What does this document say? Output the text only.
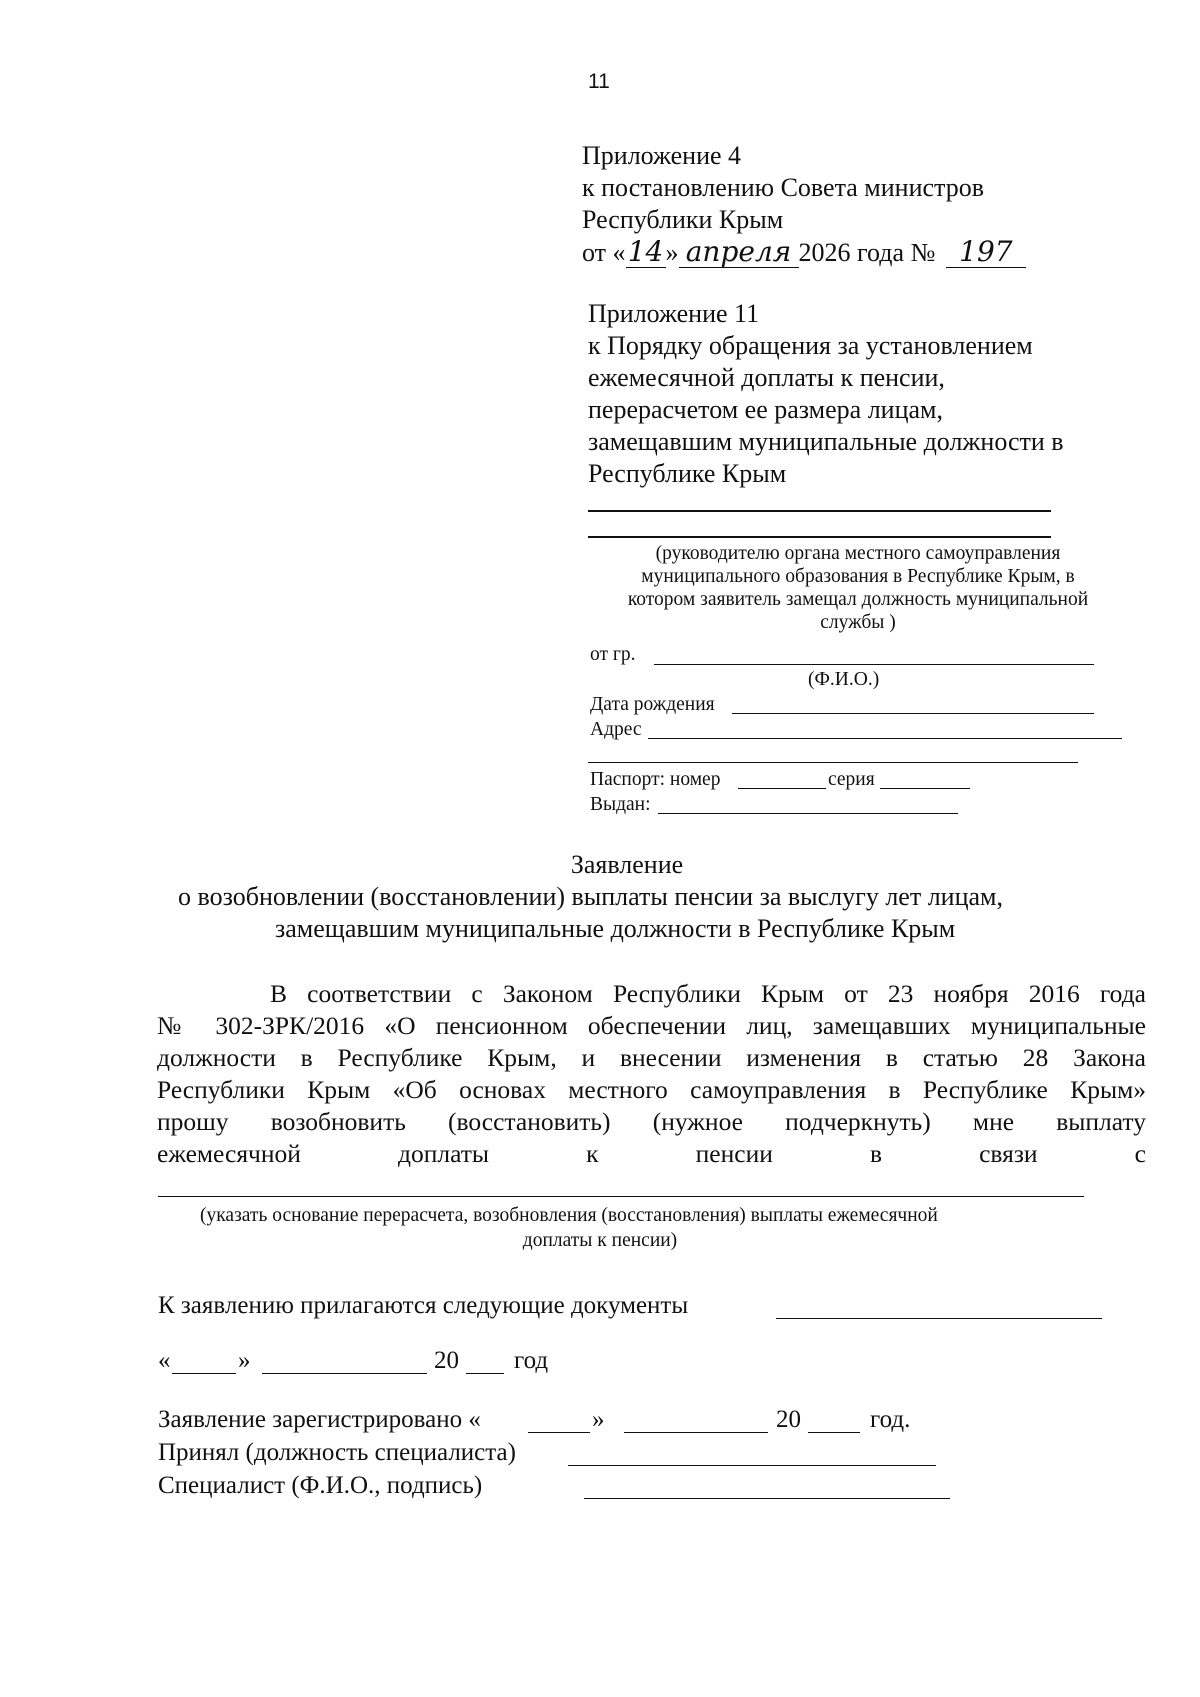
11
Приложение 4
к постановлению Совета министров
Республики Крым
от «14» апреля 2026 года № 197
Приложение 11
к Порядку обращения за установлением
ежемесячной доплаты к пенсии,
перерасчетом ее размера лицам,
замещавшим муниципальные должности в
Республике Крым
(руководителю органа местного самоуправления
муниципального образования в Республике Крым, в
котором заявитель замещал должность муниципальной
службы )
от гр.
(Ф.И.О.)
Дата рождения
Адрес
Паспорт: номер	серия
Выдан:
Заявление
о возобновлении (восстановлении) выплаты пенсии за выслугу лет лицам,
замещавшим муниципальные должности в Республике Крым
В соответствии с Законом Республики Крым от 23 ноября 2016 года
№ 302-ЗРК/2016 «О пенсионном обеспечении лиц, замещавших муниципальные
должности в Республике Крым, и внесении изменения в статью 28 Закона
Республики Крым «Об основах местного самоуправления в Республике Крым»
прошу возобновить (восстановить) (нужное подчеркнуть) мне выплату
ежемесячной доплаты к пенсии в связи с
(указать основание перерасчета, возобновления (восстановления) выплаты ежемесячной
доплаты к пенсии)
К заявлению прилагаются следующие документы
«	»	20 год
Заявление зарегистрировано «	»	20	год.
Принял (должность специалиста)
Специалист (Ф.И.О., подпись)
